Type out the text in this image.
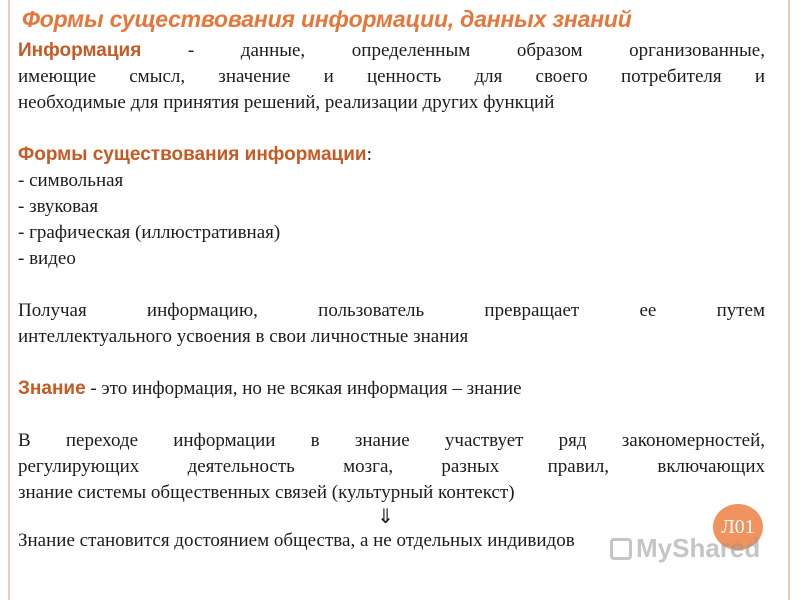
Формы существования информации, данных знаний

Информация - данные, определенным образом организованные,

имеющие смысл, значение и ценность для своего потребителя и

необходимые для принятия решений, реализации других функций

Формы существования информации:

- символьная

- звуковая

- графическая (иллюстративная)

- видео

Получая информацию, пользователь превращает ее путем

интеллектуального усвоения в свои личностные знания

Знание - это информация, но не всякая информация – знание

В переходе информации в знание участвует ряд закономерностей,

регулирующих деятельность мозга, разных правил, включающих

знание системы общественных связей (культурный контекст)

⇓

Знание становится достоянием общества, а не отдельных индивидов

Л01
MyShared
